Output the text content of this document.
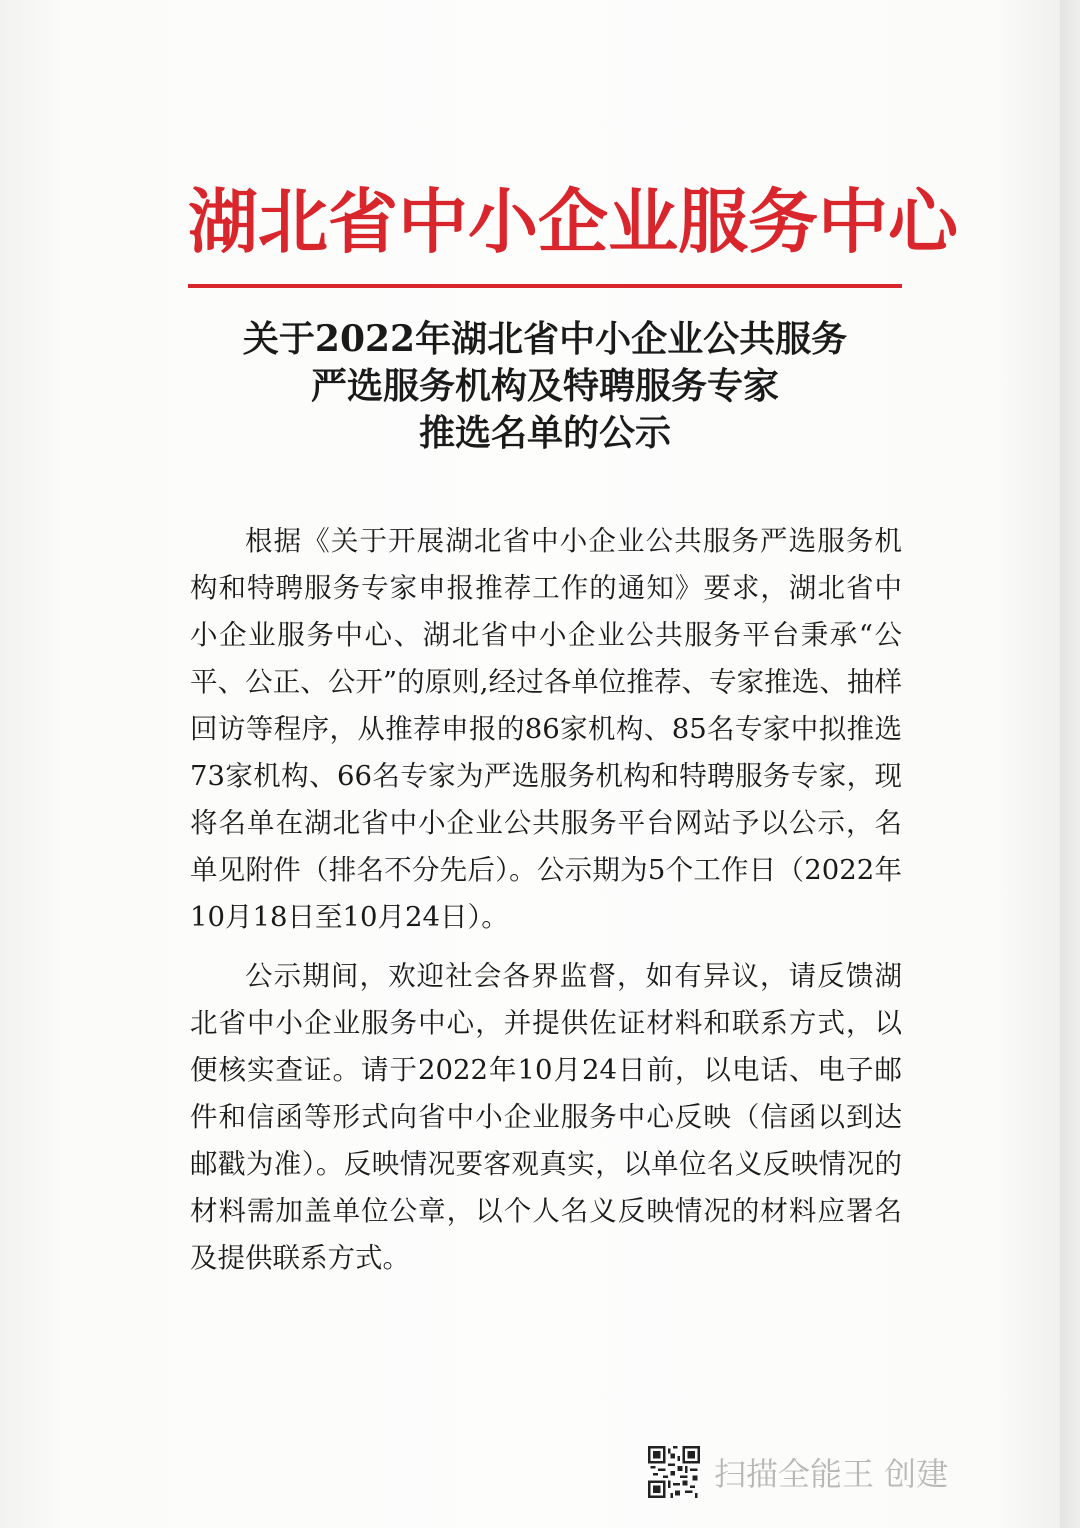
湖北省中小企业服务中心
关于2022年湖北省中小企业公共服务
严选服务机构及特聘服务专家
推选名单的公示

根据《关于开展湖北省中小企业公共服务严选服务机构和特聘服务专家申报推荐工作的通知》要求，湖北省中小企业服务中心、湖北省中小企业公共服务平台秉承“公平、公正、公开”的原则,经过各单位推荐、专家推选、抽样回访等程序，从推荐申报的86家机构、85名专家中拟推选 73家机构、66名专家为严选服务机构和特聘服务专家，现将名单在湖北省中小企业公共服务平台网站予以公示，名单见附件（排名不分先后）。公示期为5个工作日（2022年10月18日至10月24日）。

公示期间，欢迎社会各界监督，如有异议，请反馈湖北省中小企业服务中心，并提供佐证材料和联系方式，以便核实查证。请于2022年10月24日前，以电话、电子邮件和信函等形式向省中小企业服务中心反映（信函以到达邮戳为准）。反映情况要客观真实，以单位名义反映情况的材料需加盖单位公章，以个人名义反映情况的材料应署名及提供联系方式。

扫描全能王 创建
